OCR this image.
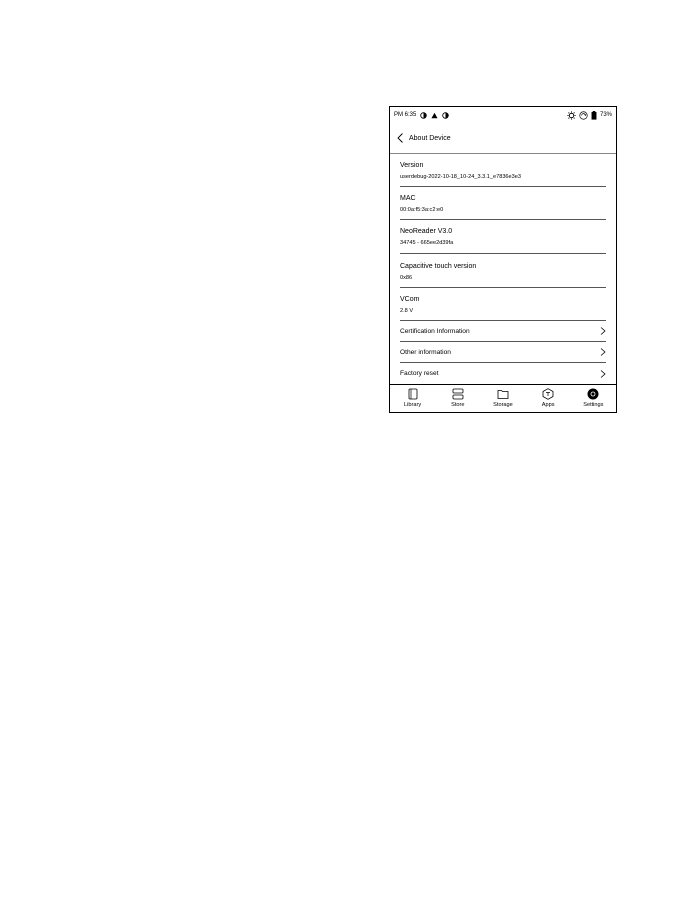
PM 6:35	73%
About Device
Version
userdebug-2022-10-18_10-24_3.3.1_e7836e3e3
MAC
00:0a:f5:3a:c2:e0
NeoReader V3.0
34745 - 665ee2d39fa
Capacitive touch version
0x86
VCom
2.8 V
Certification Information
Other information
Factory reset
Library	Store	Storage	Apps	Settings
